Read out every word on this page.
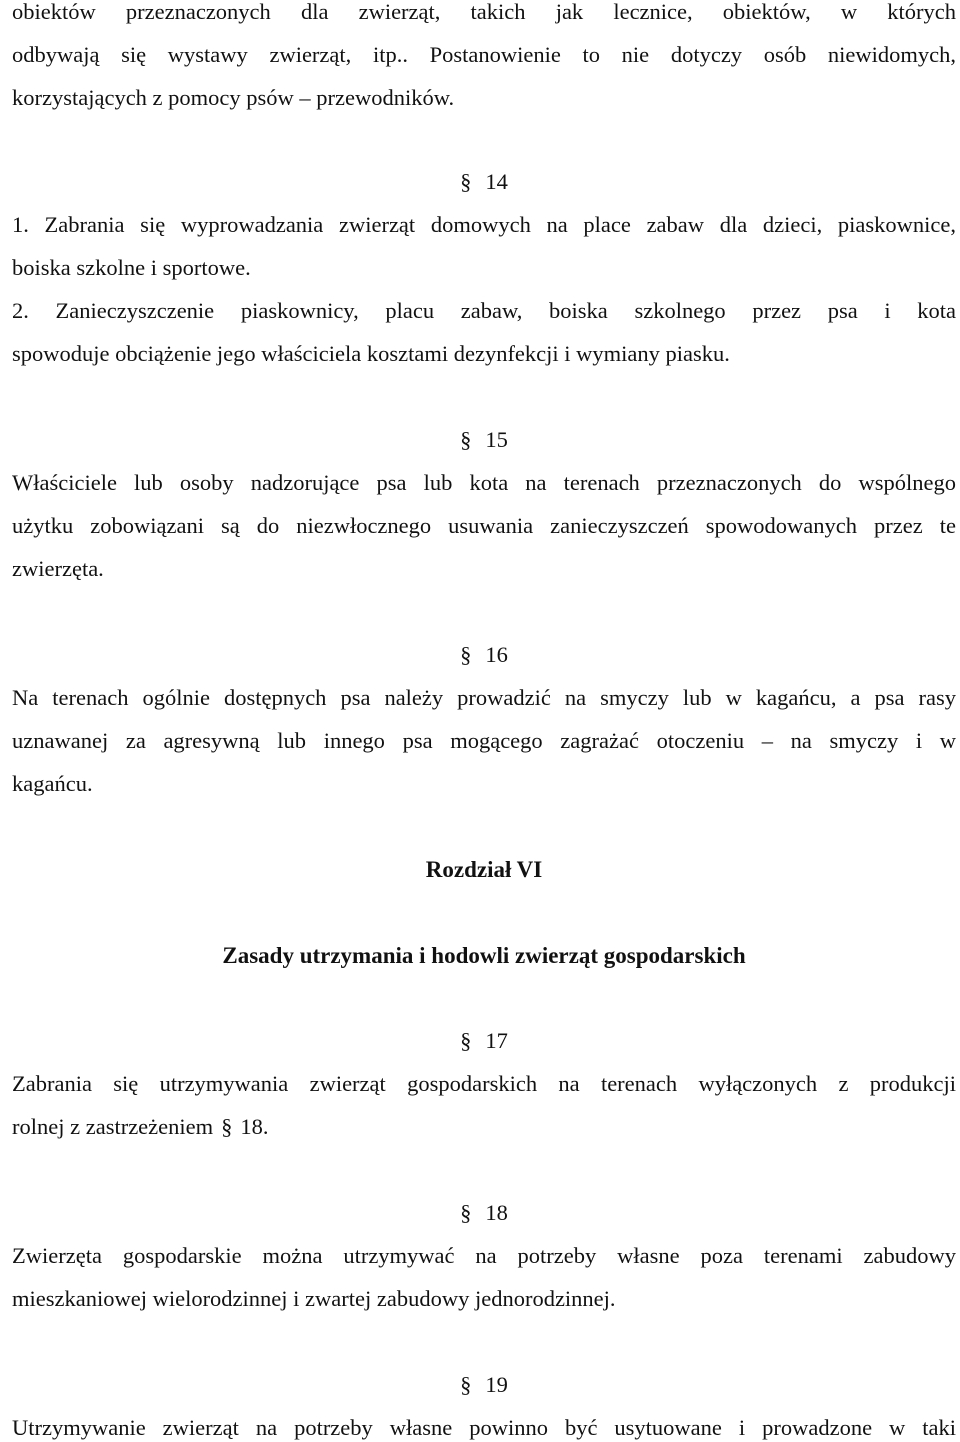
obiektów przeznaczonych dla zwierząt, takich jak lecznice, obiektów, w których
odbywają się wystawy zwierząt, itp.. Postanowienie to nie dotyczy osób niewidomych,
korzystających z pomocy psów – przewodników.
§ 14
1. Zabrania się wyprowadzania zwierząt domowych na place zabaw dla dzieci, piaskownice,
boiska szkolne i sportowe.
2. Zanieczyszczenie piaskownicy, placu zabaw, boiska szkolnego przez psa i kota
spowoduje obciążenie jego właściciela kosztami dezynfekcji i wymiany piasku.
§ 15
Właściciele lub osoby nadzorujące psa lub kota na terenach przeznaczonych do wspólnego
użytku zobowiązani są do niezwłocznego usuwania zanieczyszczeń spowodowanych przez te
zwierzęta.
§ 16
Na terenach ogólnie dostępnych psa należy prowadzić na smyczy lub w kagańcu, a psa rasy
uznawanej za agresywną lub innego psa mogącego zagrażać otoczeniu – na smyczy i w
kagańcu.
Rozdział VI
Zasady utrzymania i hodowli zwierząt gospodarskich
§ 17
Zabrania się utrzymywania zwierząt gospodarskich na terenach wyłączonych z produkcji
rolnej z zastrzeżeniem § 18.
§ 18
Zwierzęta gospodarskie można utrzymywać na potrzeby własne poza terenami zabudowy
mieszkaniowej wielorodzinnej i zwartej zabudowy jednorodzinnej.
§ 19
Utrzymywanie zwierząt na potrzeby własne powinno być usytuowane i prowadzone w taki
